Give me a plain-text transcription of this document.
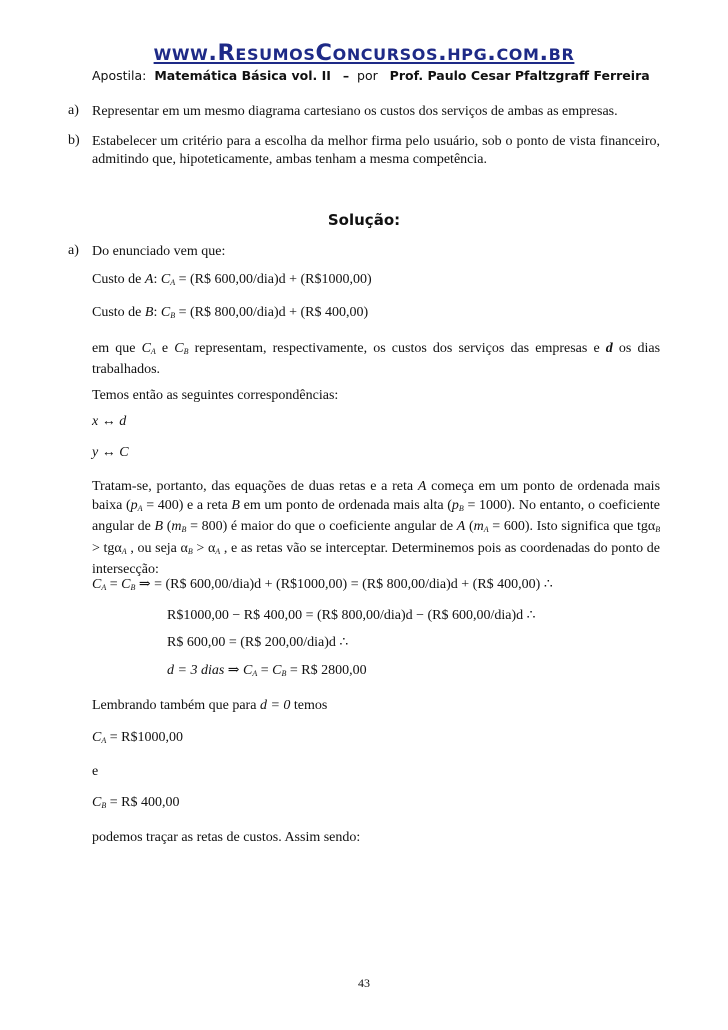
www.ResumosConcursos.hpg.com.br
Apostila: Matemática Básica vol. II – por Prof. Paulo Cesar Pfaltzgraff Ferreira
a) Representar em um mesmo diagrama cartesiano os custos dos serviços de ambas as empresas.
b) Estabelecer um critério para a escolha da melhor firma pelo usuário, sob o ponto de vista financeiro, admitindo que, hipoteticamente, ambas tenham a mesma competência.
Solução:
a) Do enunciado vem que:
Custo de A: $C_A$ = (R$ 600,00/dia)d + (R$1000,00)
Custo de B: $C_B$ = (R$ 800,00/dia)d + (R$ 400,00)
em que $C_A$ e $C_B$ representam, respectivamente, os custos dos serviços das empresas e d os dias trabalhados.
Temos então as seguintes correspondências:
x ↔ d
y ↔ C
Tratam-se, portanto, das equações de duas retas e a reta A começa em um ponto de ordenada mais baixa $(p_A = 400)$ e a reta B em um ponto de ordenada mais alta $(p_B = 1000)$. No entanto, o coeficiente angular de B $(m_B = 800)$ é maior do que o coeficiente angular de A $(m_A = 600)$. Isto significa que tgα$_B$ > tgα$_A$ , ou seja $\alpha_B > \alpha_A$ , e as retas vão se interceptar. Determinemos pois as coordenadas do ponto de intersecção:
$C_A = C_B$ ⇒ = (R$ 600,00/dia)d + (R$1000,00) = (R$ 800,00/dia)d + (R$ 400,00) ∴
R$1000,00 − R$ 400,00 = (R$ 800,00/dia)d − (R$ 600,00/dia)d ∴
R$ 600,00 = (R$ 200,00/dia)d ∴
d = 3 dias ⇒ $C_A = C_B$ = R$ 2800,00
Lembrando também que para d = 0 temos
$C_A$ = R$1000,00
e
$C_B$ = R$ 400,00
podemos traçar as retas de custos. Assim sendo:
43
